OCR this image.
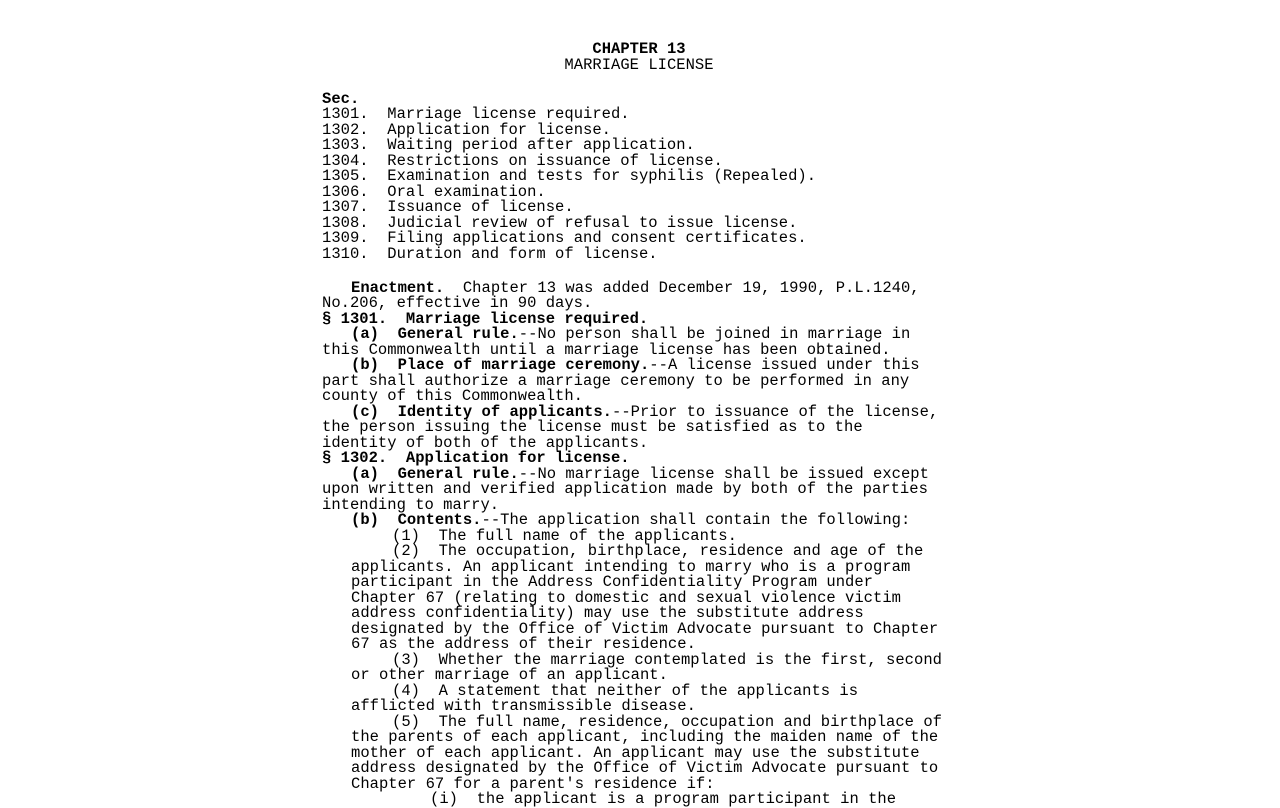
CHAPTER 13
MARRIAGE LICENSE
Sec.
1301. Marriage license required.
1302. Application for license.
1303. Waiting period after application.
1304. Restrictions on issuance of license.
1305. Examination and tests for syphilis (Repealed).
1306. Oral examination.
1307. Issuance of license.
1308. Judicial review of refusal to issue license.
1309. Filing applications and consent certificates.
1310. Duration and form of license.
Enactment.  Chapter 13 was added December 19, 1990, P.L.1240,
No.206, effective in 90 days.
§ 1301.  Marriage license required.
(a)  General rule.--No person shall be joined in marriage in
this Commonwealth until a marriage license has been obtained.
(b)  Place of marriage ceremony.--A license issued under this
part shall authorize a marriage ceremony to be performed in any
county of this Commonwealth.
(c)  Identity of applicants.--Prior to issuance of the license,
the person issuing the license must be satisfied as to the
identity of both of the applicants.
§ 1302.  Application for license.
(a)  General rule.--No marriage license shall be issued except
upon written and verified application made by both of the parties
intending to marry.
(b)  Contents.--The application shall contain the following:
(1)  The full name of the applicants.
(2)  The occupation, birthplace, residence and age of the
applicants. An applicant intending to marry who is a program
participant in the Address Confidentiality Program under
Chapter 67 (relating to domestic and sexual violence victim
address confidentiality) may use the substitute address
designated by the Office of Victim Advocate pursuant to Chapter
67 as the address of their residence.
(3)  Whether the marriage contemplated is the first, second
or other marriage of an applicant.
(4)  A statement that neither of the applicants is
afflicted with transmissible disease.
(5)  The full name, residence, occupation and birthplace of
the parents of each applicant, including the maiden name of the
mother of each applicant. An applicant may use the substitute
address designated by the Office of Victim Advocate pursuant to
Chapter 67 for a parent's residence if:
(i)  the applicant is a program participant in the
